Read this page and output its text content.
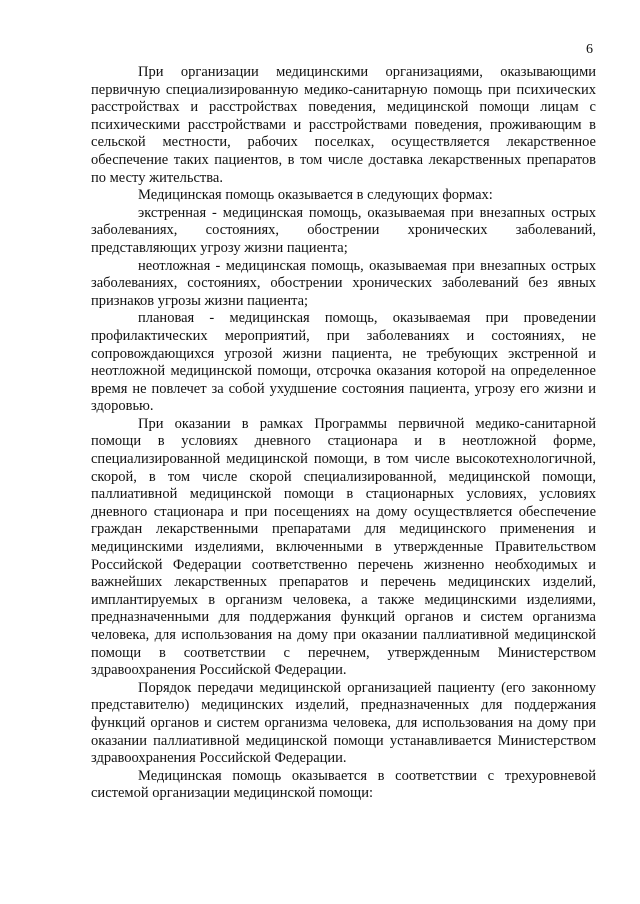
6

При организации медицинскими организациями, оказывающими первичную специализированную медико-санитарную помощь при психических расстройствах и расстройствах поведения, медицинской помощи лицам с психическими расстройствами и расстройствами поведения, проживающим в сельской местности, рабочих поселках, осуществляется лекарственное обеспечение таких пациентов, в том числе доставка лекарственных препаратов по месту жительства.

Медицинская помощь оказывается в следующих формах:

экстренная - медицинская помощь, оказываемая при внезапных острых заболеваниях, состояниях, обострении хронических заболеваний, представляющих угрозу жизни пациента;

неотложная - медицинская помощь, оказываемая при внезапных острых заболеваниях, состояниях, обострении хронических заболеваний без явных признаков угрозы жизни пациента;

плановая - медицинская помощь, оказываемая при проведении профилактических мероприятий, при заболеваниях и состояниях, не сопровождающихся угрозой жизни пациента, не требующих экстренной и неотложной медицинской помощи, отсрочка оказания которой на определенное время не повлечет за собой ухудшение состояния пациента, угрозу его жизни и здоровью.

При оказании в рамках Программы первичной медико-санитарной помощи в условиях дневного стационара и в неотложной форме, специализированной медицинской помощи, в том числе высокотехнологичной, скорой, в том числе скорой специализированной, медицинской помощи, паллиативной медицинской помощи в стационарных условиях, условиях дневного стационара и при посещениях на дому осуществляется обеспечение граждан лекарственными препаратами для медицинского применения и медицинскими изделиями, включенными в утвержденные Правительством Российской Федерации соответственно перечень жизненно необходимых и важнейших лекарственных препаратов и перечень медицинских изделий, имплантируемых в организм человека, а также медицинскими изделиями, предназначенными для поддержания функций органов и систем организма человека, для использования на дому при оказании паллиативной медицинской помощи в соответствии с перечнем, утвержденным Министерством здравоохранения Российской Федерации.

Порядок передачи медицинской организацией пациенту (его законному представителю) медицинских изделий, предназначенных для поддержания функций органов и систем организма человека, для использования на дому при оказании паллиативной медицинской помощи устанавливается Министерством здравоохранения Российской Федерации.

Медицинская помощь оказывается в соответствии с трехуровневой системой организации медицинской помощи:
